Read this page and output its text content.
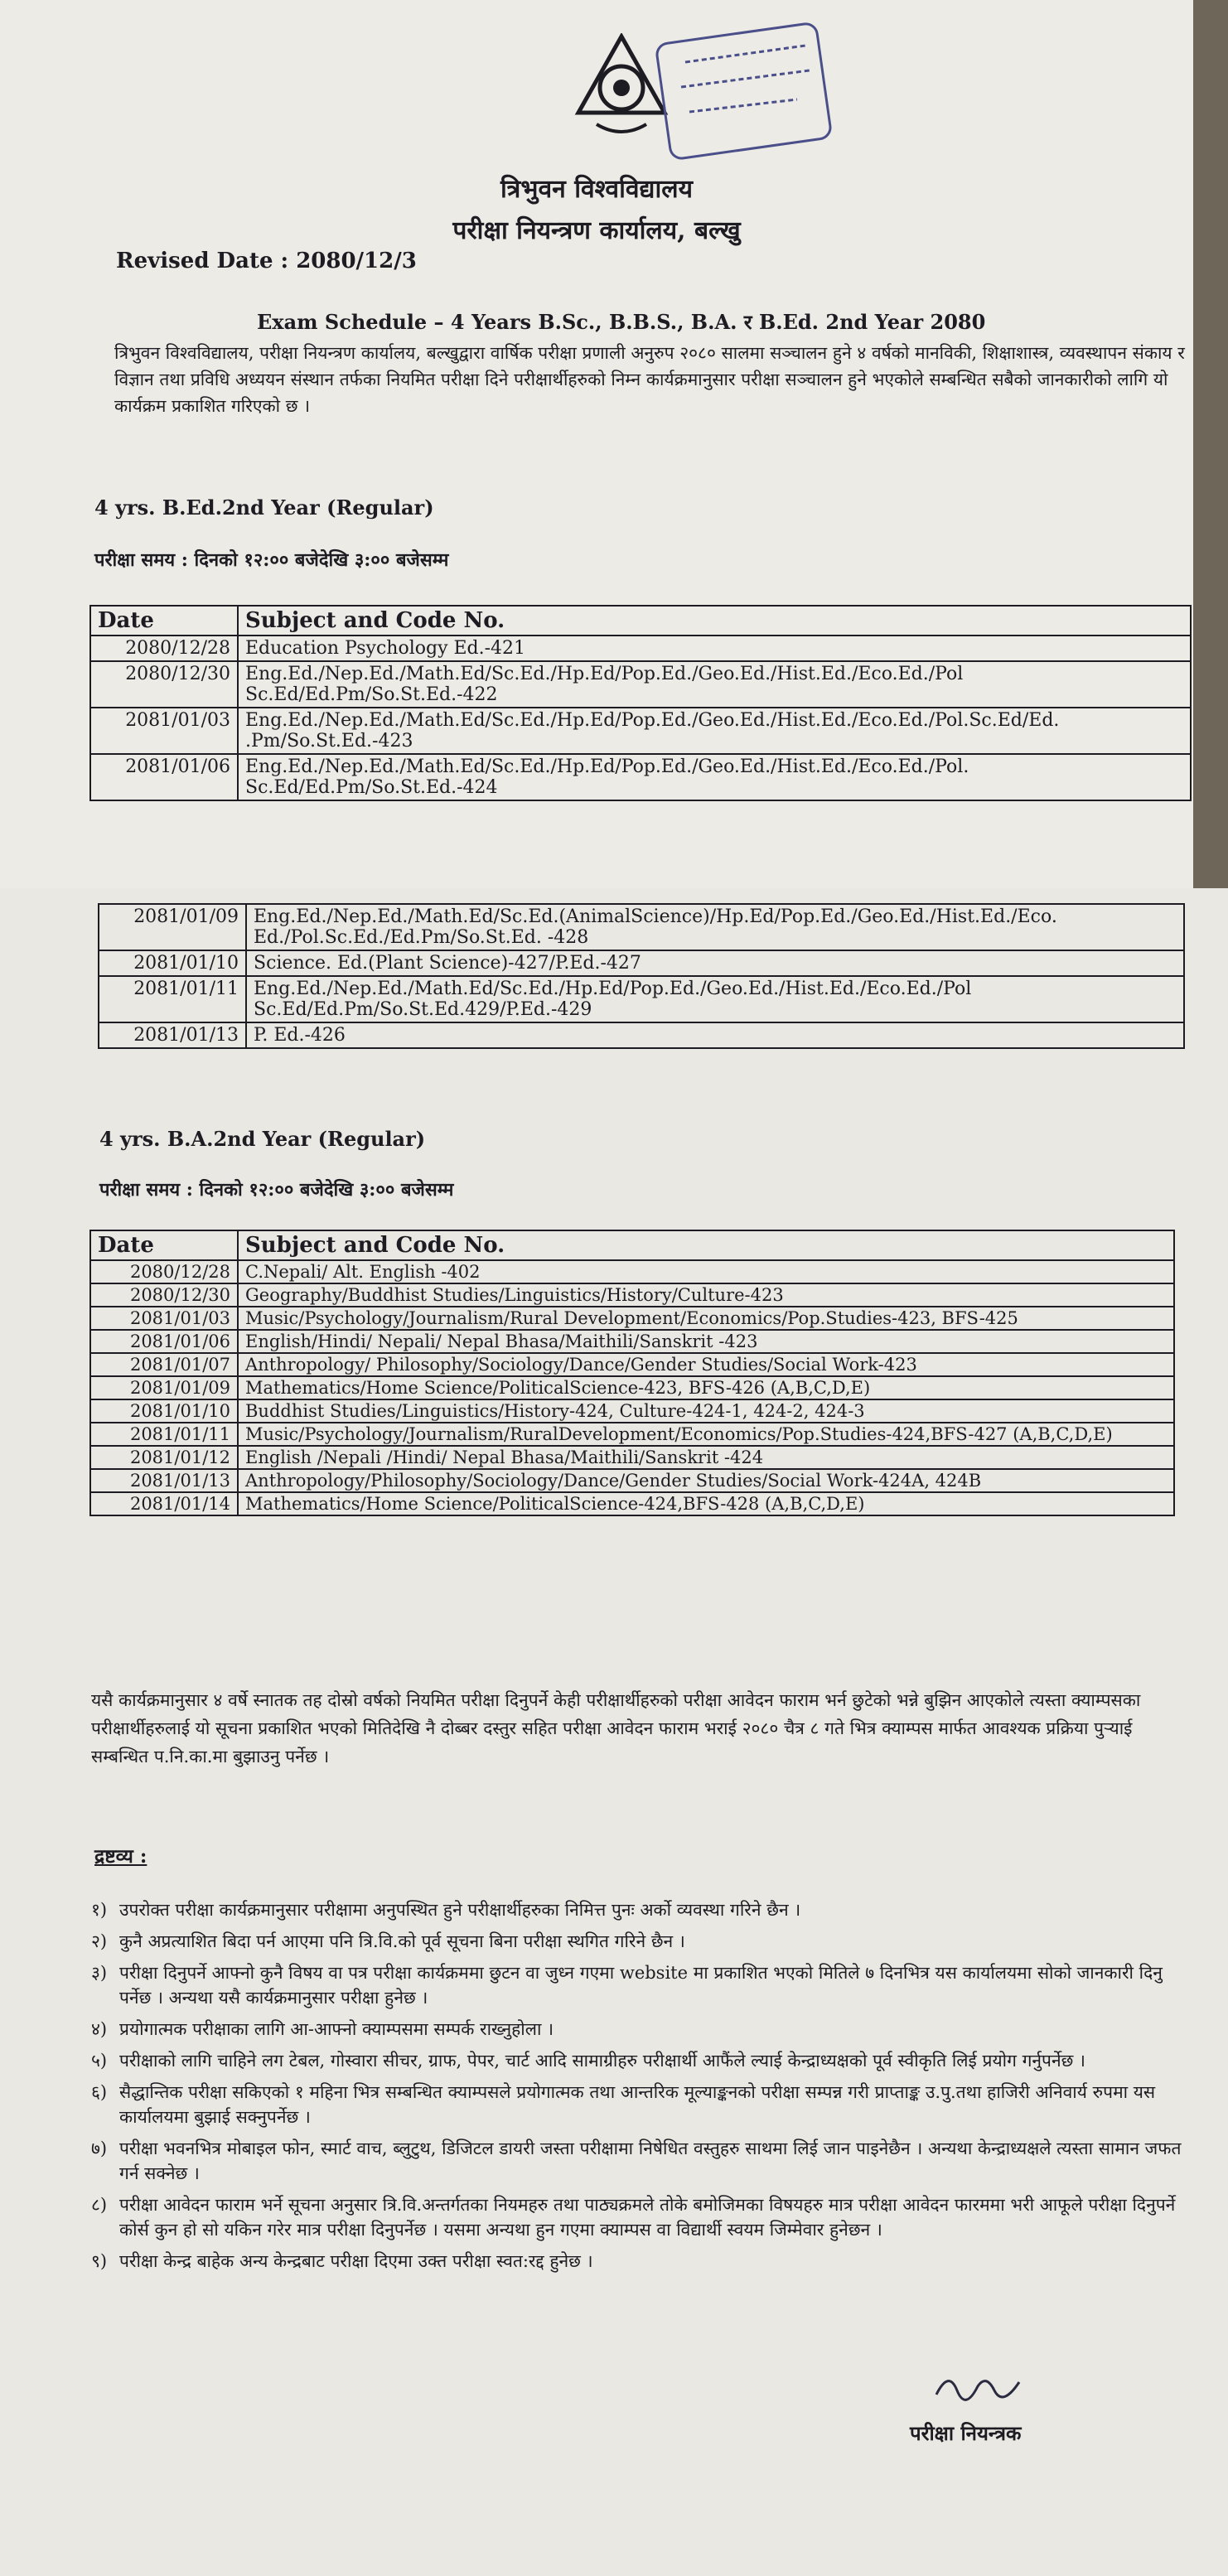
त्रिभुवन विश्वविद्यालय
परीक्षा नियन्त्रण कार्यालय, बल्खु
Revised Date : 2080/12/3
Exam Schedule – 4 Years B.Sc., B.B.S., B.A. र B.Ed. 2nd Year 2080
त्रिभुवन विश्वविद्यालय, परीक्षा नियन्त्रण कार्यालय, बल्खुद्वारा वार्षिक परीक्षा प्रणाली अनुरुप २०८० सालमा सञ्चालन हुने ४ वर्षको मानविकी, शिक्षाशास्त्र, व्यवस्थापन संकाय र विज्ञान तथा प्रविधि अध्ययन संस्थान तर्फका नियमित परीक्षा दिने परीक्षार्थीहरुको निम्न कार्यक्रमानुसार परीक्षा सञ्चालन हुने भएकोले सम्बन्धित सबैको जानकारीको लागि यो कार्यक्रम प्रकाशित गरिएको छ ।
4 yrs. B.Ed.2nd Year (Regular)
परीक्षा समय : दिनको १२:०० बजेदेखि ३:०० बजेसम्म
Date	Subject and Code No.
2080/12/28	Education Psychology Ed.-421
2080/12/30	Eng.Ed./Nep.Ed./Math.Ed/Sc.Ed./Hp.Ed/Pop.Ed./Geo.Ed./Hist.Ed./Eco.Ed./Pol Sc.Ed/Ed.Pm/So.St.Ed.-422
2081/01/03	Eng.Ed./Nep.Ed./Math.Ed/Sc.Ed./Hp.Ed/Pop.Ed./Geo.Ed./Hist.Ed./Eco.Ed./Pol.Sc.Ed/Ed. .Pm/So.St.Ed.-423
2081/01/06	Eng.Ed./Nep.Ed./Math.Ed/Sc.Ed./Hp.Ed/Pop.Ed./Geo.Ed./Hist.Ed./Eco.Ed./Pol. Sc.Ed/Ed.Pm/So.St.Ed.-424
2081/01/09	Eng.Ed./Nep.Ed./Math.Ed/Sc.Ed.(AnimalScience)/Hp.Ed/Pop.Ed./Geo.Ed./Hist.Ed./Eco. Ed./Pol.Sc.Ed./Ed.Pm/So.St.Ed. -428
2081/01/10	Science. Ed.(Plant Science)-427/P.Ed.-427
2081/01/11	Eng.Ed./Nep.Ed./Math.Ed/Sc.Ed./Hp.Ed/Pop.Ed./Geo.Ed./Hist.Ed./Eco.Ed./Pol Sc.Ed/Ed.Pm/So.St.Ed.429/P.Ed.-429
2081/01/13	P. Ed.-426
4 yrs. B.A.2nd Year (Regular)
परीक्षा समय : दिनको १२:०० बजेदेखि ३:०० बजेसम्म
Date	Subject and Code No.
2080/12/28	C.Nepali/ Alt. English -402
2080/12/30	Geography/Buddhist Studies/Linguistics/History/Culture-423
2081/01/03	Music/Psychology/Journalism/Rural Development/Economics/Pop.Studies-423, BFS-425
2081/01/06	English/Hindi/ Nepali/ Nepal Bhasa/Maithili/Sanskrit -423
2081/01/07	Anthropology/ Philosophy/Sociology/Dance/Gender Studies/Social Work-423
2081/01/09	Mathematics/Home Science/PoliticalScience-423, BFS-426 (A,B,C,D,E)
2081/01/10	Buddhist Studies/Linguistics/History-424, Culture-424-1, 424-2, 424-3
2081/01/11	Music/Psychology/Journalism/RuralDevelopment/Economics/Pop.Studies-424,BFS-427 (A,B,C,D,E)
2081/01/12	English /Nepali /Hindi/ Nepal Bhasa/Maithili/Sanskrit -424
2081/01/13	Anthropology/Philosophy/Sociology/Dance/Gender Studies/Social Work-424A, 424B
2081/01/14	Mathematics/Home Science/PoliticalScience-424,BFS-428 (A,B,C,D,E)
यसै कार्यक्रमानुसार ४ वर्षे स्नातक तह दोस्रो वर्षको नियमित परीक्षा दिनुपर्ने केही परीक्षार्थीहरुको परीक्षा आवेदन फाराम भर्न छुटेको भन्ने बुझिन आएकोले त्यस्ता क्याम्पसका परीक्षार्थीहरुलाई यो सूचना प्रकाशित भएको मितिदेखि नै दोब्बर दस्तुर सहित परीक्षा आवेदन फाराम भराई २०८० चैत्र ८ गते भित्र क्याम्पस मार्फत आवश्यक प्रक्रिया पुऱ्याई सम्बन्धित प.नि.का.मा बुझाउनु पर्नेछ ।
द्रष्टव्य :
१) उपरोक्त परीक्षा कार्यक्रमानुसार परीक्षामा अनुपस्थित हुने परीक्षार्थीहरुका निमित्त पुनः अर्को व्यवस्था गरिने छैन ।
२) कुनै अप्रत्याशित बिदा पर्न आएमा पनि त्रि.वि.को पूर्व सूचना बिना परीक्षा स्थगित गरिने छैन ।
३) परीक्षा दिनुपर्ने आफ्नो कुनै विषय वा पत्र परीक्षा कार्यक्रममा छुटन वा जुध्न गएमा website मा प्रकाशित भएको मितिले ७ दिनभित्र यस कार्यालयमा सोको जानकारी दिनु पर्नेछ । अन्यथा यसै कार्यक्रमानुसार परीक्षा हुनेछ ।
४) प्रयोगात्मक परीक्षाका लागि आ-आफ्नो क्याम्पसमा सम्पर्क राख्नुहोला ।
५) परीक्षाको लागि चाहिने लग टेबल, गोस्वारा सीचर, ग्राफ, पेपर, चार्ट आदि सामाग्रीहरु परीक्षार्थी आफैंले ल्याई केन्द्राध्यक्षको पूर्व स्वीकृति लिई प्रयोग गर्नुपर्नेछ ।
६) सैद्धान्तिक परीक्षा सकिएको १ महिना भित्र सम्बन्धित क्याम्पसले प्रयोगात्मक तथा आन्तरिक मूल्याङ्कनको परीक्षा सम्पन्न गरी प्राप्ताङ्क उ.पु.तथा हाजिरी अनिवार्य रुपमा यस कार्यालयमा बुझाई सक्नुपर्नेछ ।
७) परीक्षा भवनभित्र मोबाइल फोन, स्मार्ट वाच, ब्लुटुथ, डिजिटल डायरी जस्ता परीक्षामा निषेधित वस्तुहरु साथमा लिई जान पाइनेछैन । अन्यथा केन्द्राध्यक्षले त्यस्ता सामान जफत गर्न सक्नेछ ।
८) परीक्षा आवेदन फाराम भर्ने सूचना अनुसार त्रि.वि.अन्तर्गतका नियमहरु तथा पाठ्यक्रमले तोके बमोजिमका विषयहरु मात्र परीक्षा आवेदन फारममा भरी आफूले परीक्षा दिनुपर्ने कोर्स कुन हो सो यकिन गरेर मात्र परीक्षा दिनुपर्नेछ । यसमा अन्यथा हुन गएमा क्याम्पस वा विद्यार्थी स्वयम जिम्मेवार हुनेछन ।
९) परीक्षा केन्द्र बाहेक अन्य केन्द्रबाट परीक्षा दिएमा उक्त परीक्षा स्वत:रद्द हुनेछ ।
परीक्षा नियन्त्रक
